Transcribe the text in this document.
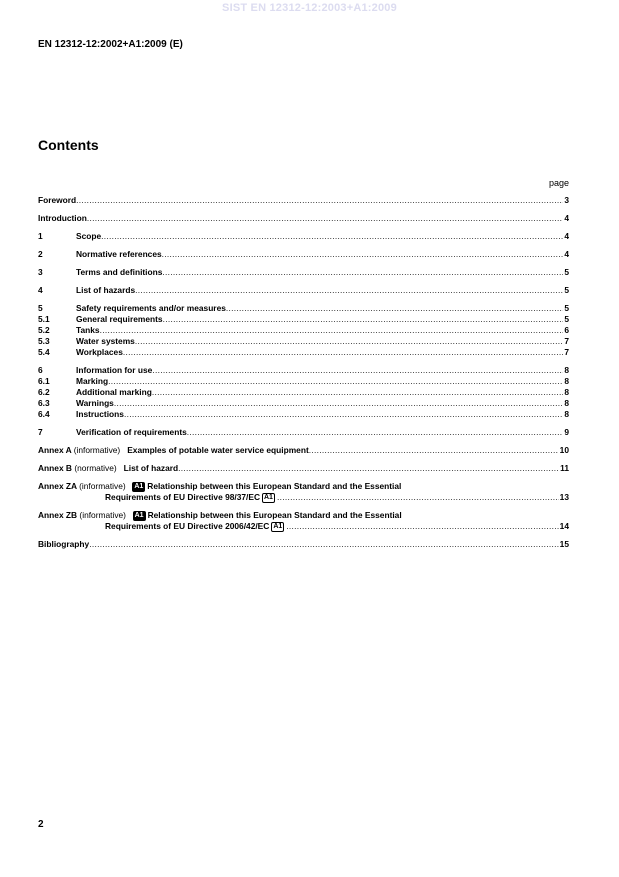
SIST EN 12312-12:2003+A1:2009
EN 12312-12:2002+A1:2009 (E)
Contents
page
Foreword .....	3
Introduction .....	4
1	Scope .....	4
2	Normative references .....	4
3	Terms and definitions .....	5
4	List of hazards .....	5
5	Safety requirements and/or measures .....	5
5.1	General requirements .....	5
5.2	Tanks .....	6
5.3	Water systems .....	7
5.4	Workplaces .....	7
6	Information for use .....	8
6.1	Marking .....	8
6.2	Additional marking .....	8
6.3	Warnings .....	8
6.4	Instructions .....	8
7	Verification of requirements .....	9
Annex A (informative) Examples of potable water service equipment .....	10
Annex B (normative) List of hazard .....	11
Annex ZA (informative) A1 Relationship between this European Standard and the Essential
Requirements of EU Directive 98/37/EC A1 .....	13
Annex ZB (informative) A1 Relationship between this European Standard and the Essential
Requirements of EU Directive 2006/42/EC A1 .....	14
Bibliography .....	15
2
